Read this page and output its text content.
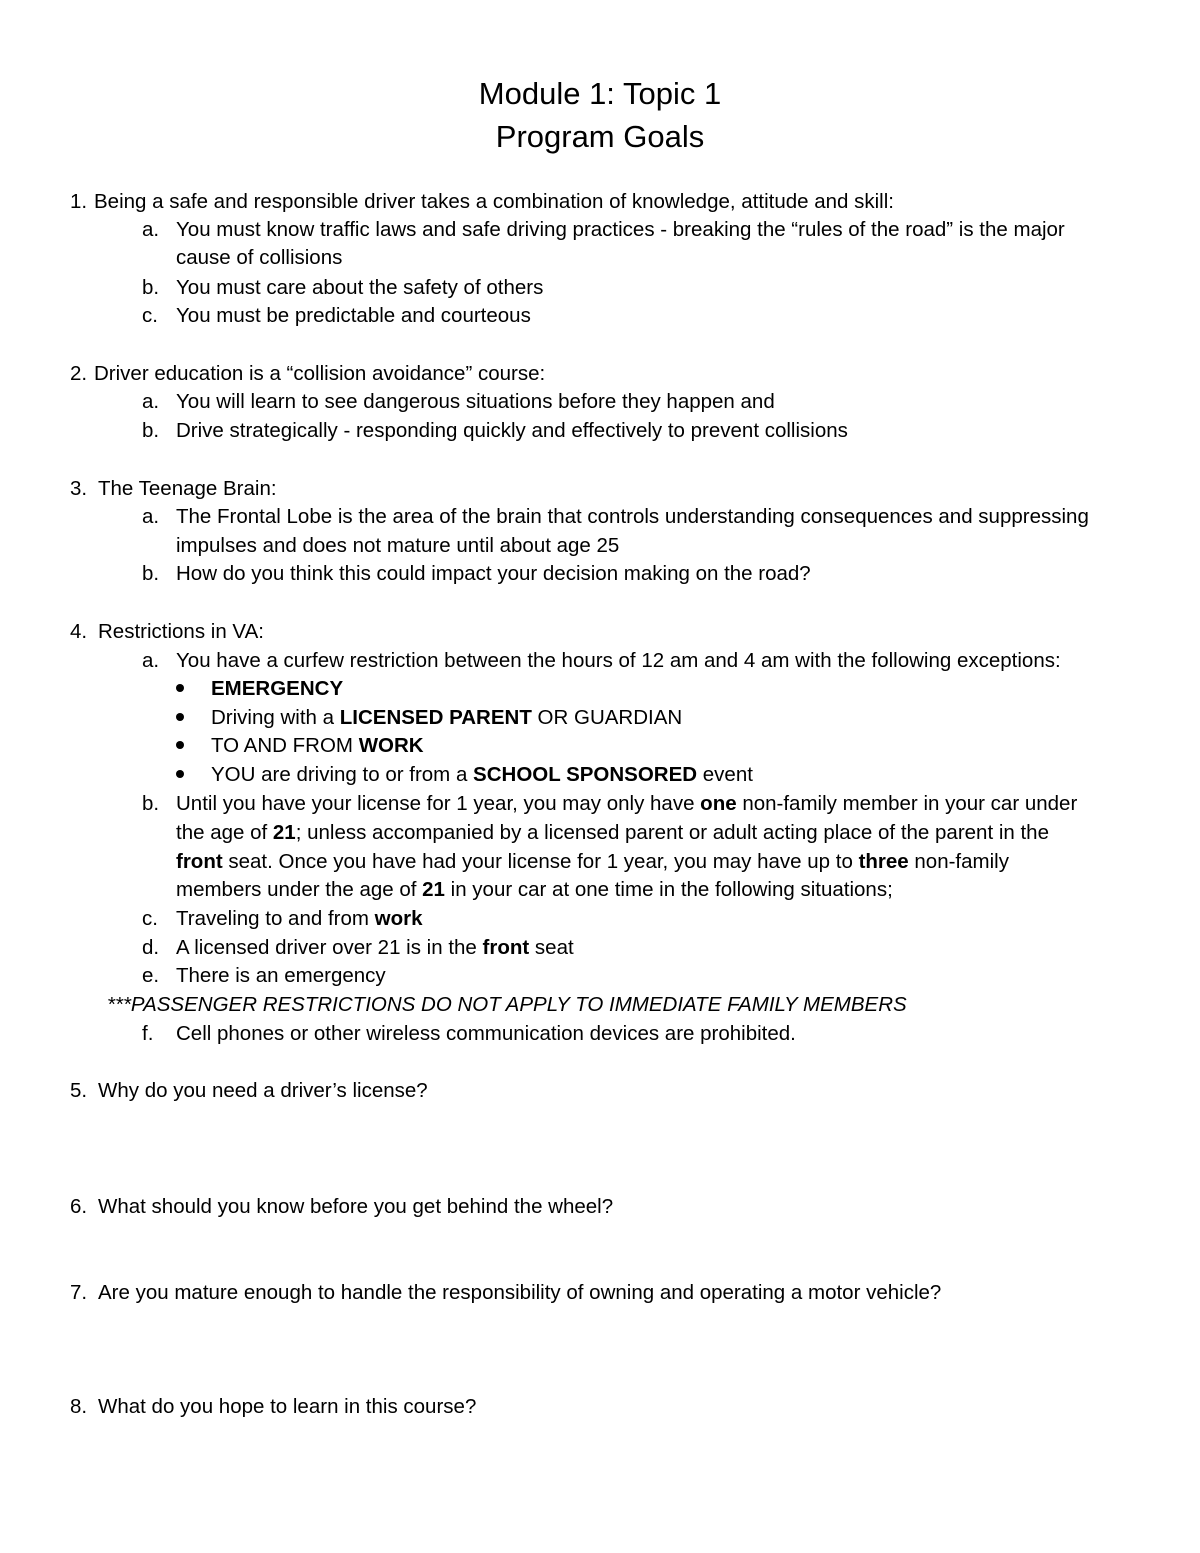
Module 1: Topic 1
Program Goals
1. Being a safe and responsible driver takes a combination of knowledge, attitude and skill:
a. You must know traffic laws and safe driving practices - breaking the “rules of the road” is the major
cause of collisions
b. You must care about the safety of others
c. You must be predictable and courteous
2. Driver education is a “collision avoidance” course:
a. You will learn to see dangerous situations before they happen and
b. Drive strategically - responding quickly and effectively to prevent collisions
3. The Teenage Brain:
a. The Frontal Lobe is the area of the brain that controls understanding consequences and suppressing
impulses and does not mature until about age 25
b. How do you think this could impact your decision making on the road?
4. Restrictions in VA:
a. You have a curfew restriction between the hours of 12 am and 4 am with the following exceptions:
EMERGENCY
Driving with a LICENSED PARENT OR GUARDIAN
TO AND FROM WORK
YOU are driving to or from a SCHOOL SPONSORED event
b. Until you have your license for 1 year, you may only have one non-family member in your car under
the age of 21; unless accompanied by a licensed parent or adult acting place of the parent in the
front seat. Once you have had your license for 1 year, you may have up to three non-family
members under the age of 21 in your car at one time in the following situations;
c. Traveling to and from work
d. A licensed driver over 21 is in the front seat
e. There is an emergency
***PASSENGER RESTRICTIONS DO NOT APPLY TO IMMEDIATE FAMILY MEMBERS
f. Cell phones or other wireless communication devices are prohibited.
5. Why do you need a driver’s license?
6. What should you know before you get behind the wheel?
7. Are you mature enough to handle the responsibility of owning and operating a motor vehicle?
8. What do you hope to learn in this course?
